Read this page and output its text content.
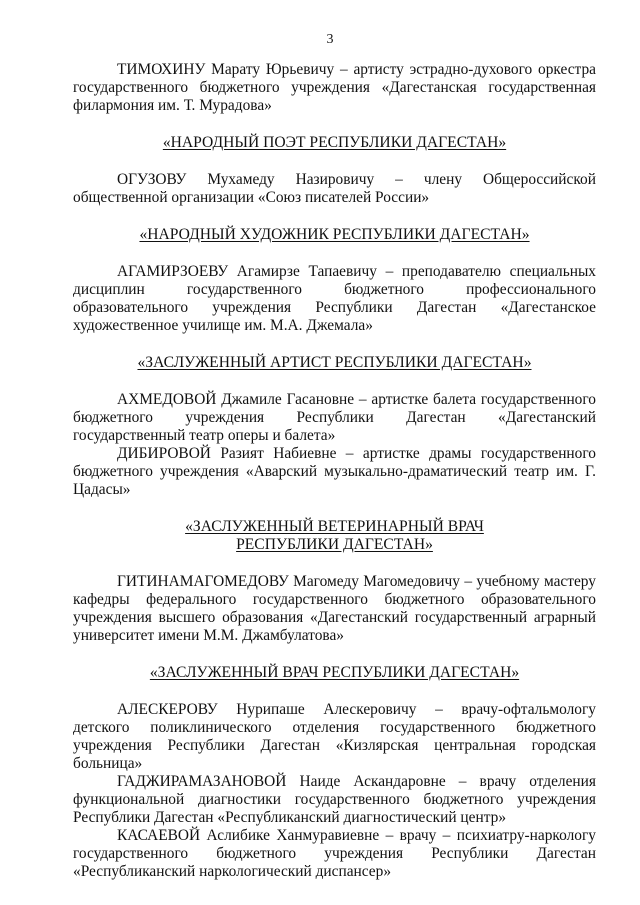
3

ТИМОХИНУ Марату Юрьевичу – артисту эстрадно-духового оркестра государственного бюджетного учреждения «Дагестанская государственная филармония им. Т. Мурадова»

«НАРОДНЫЙ ПОЭТ РЕСПУБЛИКИ ДАГЕСТАН»

ОГУЗОВУ Мухамеду Назировичу – члену Общероссийской общественной организации «Союз писателей России»

«НАРОДНЫЙ ХУДОЖНИК РЕСПУБЛИКИ ДАГЕСТАН»

АГАМИРЗОЕВУ Агамирзе Тапаевичу – преподавателю специальных дисциплин государственного бюджетного профессионального образовательного учреждения Республики Дагестан «Дагестанское художественное училище им. М.А. Джемала»

«ЗАСЛУЖЕННЫЙ АРТИСТ РЕСПУБЛИКИ ДАГЕСТАН»

АХМЕДОВОЙ Джамиле Гасановне – артистке балета государственного бюджетного учреждения Республики Дагестан «Дагестанский государственный театр оперы и балета»

ДИБИРОВОЙ Разият Набиевне – артистке драмы государственного бюджетного учреждения «Аварский музыкально-драматический театр им. Г. Цадасы»

«ЗАСЛУЖЕННЫЙ ВЕТЕРИНАРНЫЙ ВРАЧ

РЕСПУБЛИКИ ДАГЕСТАН»

ГИТИНАМАГОМЕДОВУ Магомеду Магомедовичу – учебному мастеру кафедры федерального государственного бюджетного образовательного учреждения высшего образования «Дагестанский государственный аграрный университет имени М.М. Джамбулатова»

«ЗАСЛУЖЕННЫЙ ВРАЧ РЕСПУБЛИКИ ДАГЕСТАН»

АЛЕСКЕРОВУ Нурипаше Алескеровичу – врачу-офтальмологу детского поликлинического отделения государственного бюджетного учреждения Республики Дагестан «Кизлярская центральная городская больница»

ГАДЖИРАМАЗАНОВОЙ Наиде Аскандаровне – врачу отделения функциональной диагностики государственного бюджетного учреждения Республики Дагестан «Республиканский диагностический центр»

КАСАЕВОЙ Аслибике Ханмуравиевне – врачу – психиатру-наркологу государственного бюджетного учреждения Республики Дагестан «Республиканский наркологический диспансер»
